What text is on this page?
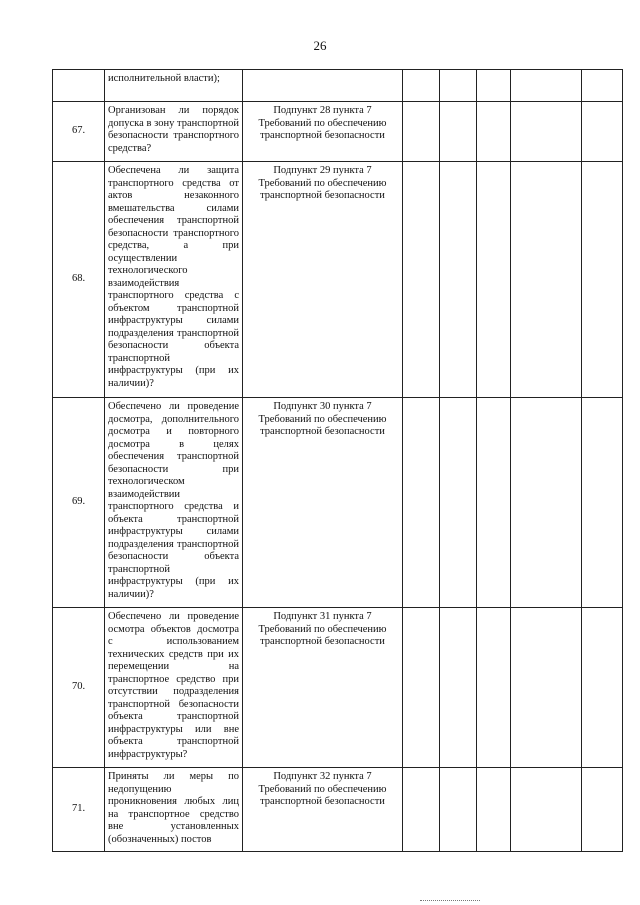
26

	исполнительной власти);						

67.	Организован ли порядок допуска в зону транспортной безопасности транспортного средства?	Подпункт 28 пункта 7 Требований по обеспечению транспортной безопасности					
68.	Обеспечена ли защита транспортного средства от актов незаконного вмешательства силами обеспечения транспортной безопасности транспортного средства, а при осуществлении технологического взаимодействия транспортного средства с объектом транспортной инфраструктуры силами подразделения транспортной безопасности объекта транспортной инфраструктуры (при их наличии)?	Подпункт 29 пункта 7 Требований по обеспечению транспортной безопасности					
69.	Обеспечено ли проведение досмотра, дополнительного досмотра и повторного досмотра в целях обеспечения транспортной безопасности при технологическом взаимодействии транспортного средства и объекта транспортной инфраструктуры силами подразделения транспортной безопасности объекта транспортной инфраструктуры (при их наличии)?	Подпункт 30 пункта 7 Требований по обеспечению транспортной безопасности					
70.	Обеспечено ли проведение осмотра объектов досмотра с использованием технических средств при их перемещении на транспортное средство при отсутствии подразделения транспортной безопасности объекта транспортной инфраструктуры или вне объекта транспортной инфраструктуры?	Подпункт 31 пункта 7 Требований по обеспечению транспортной безопасности					
71.	Приняты ли меры по недопущению проникновения любых лиц на транспортное средство вне установленных (обозначенных) постов	Подпункт 32 пункта 7 Требований по обеспечению транспортной безопасности					
